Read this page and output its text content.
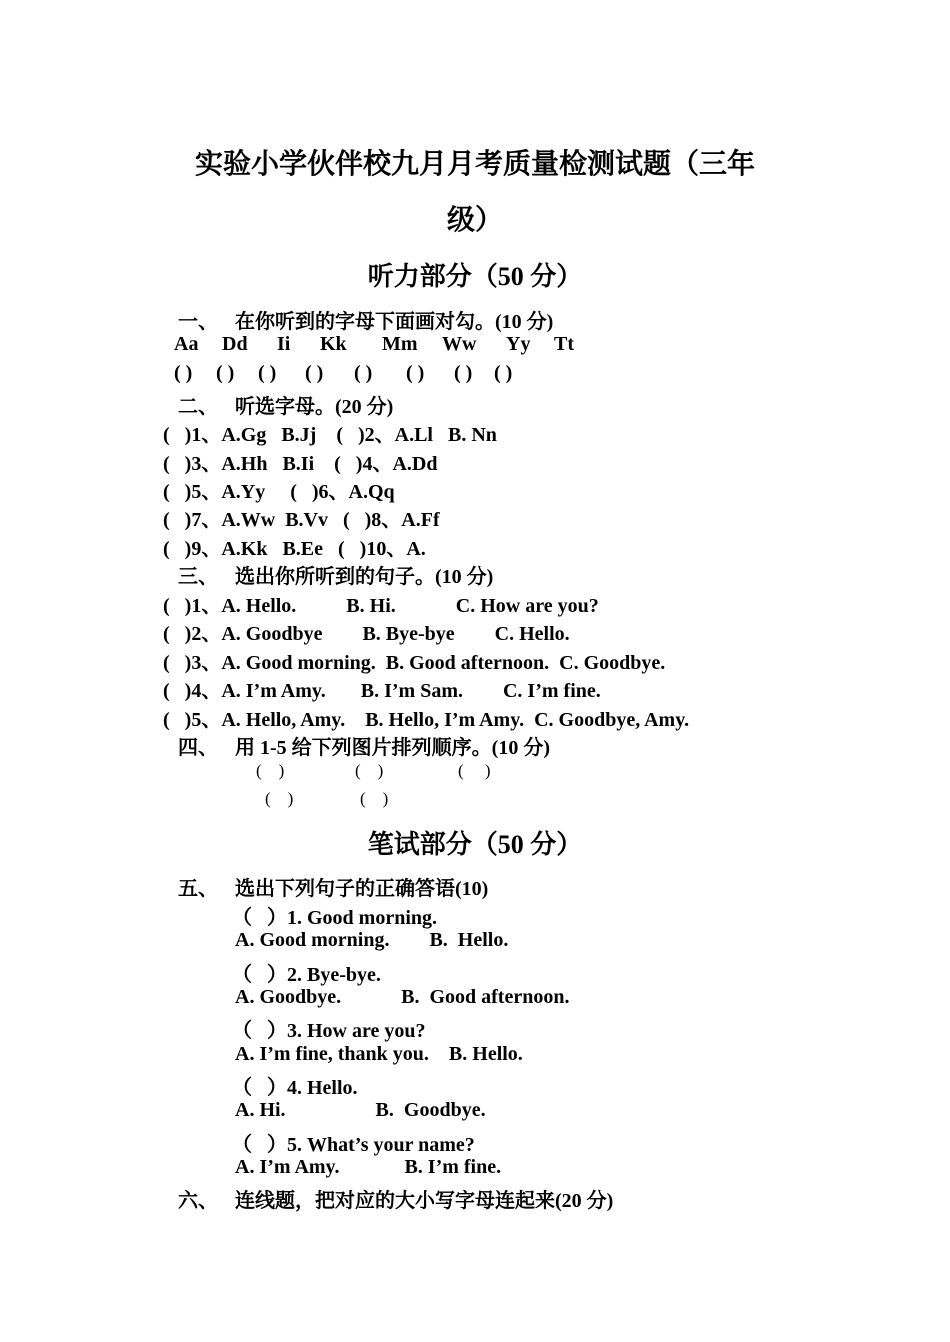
实验小学伙伴校九月月考质量检测试题（三年
级）
听力部分（50 分）
一、 在你听到的字母下面画对勾。(10 分)
Aa Dd Ii Kk Mm Ww Yy Tt
( ) ( ) ( ) ( ) ( ) ( ) ( ) ( )
二、 听选字母。(20 分)
(   )1、A.Gg   B.Jj    (   )2、A.Ll   B. Nn
(   )3、A.Hh   B.Ii    (   )4、A.Dd
(   )5、A.Yy     (   )6、A.Qq
(   )7、A.Ww  B.Vv   (   )8、A.Ff
(   )9、A.Kk   B.Ee   (   )10、A.
三、 选出你所听到的句子。(10 分)
(   )1、A. Hello.          B. Hi.            C. How are you?
(   )2、A. Goodbye        B. Bye-bye        C. Hello.
(   )3、A. Good morning.  B. Good afternoon.  C. Goodbye.
(   )4、A. I’m Amy.       B. I’m Sam.        C. I’m fine.
(   )5、A. Hello, Amy.    B. Hello, I’m Amy.  C. Goodbye, Amy.
四、 用 1-5 给下列图片排列顺序。(10 分)
(    )	(    )	(     )
(    )	(    )
笔试部分（50 分）
五、 选出下列句子的正确答语(10)
（   ）1. Good morning.
A. Good morning.        B.  Hello.
（   ）2. Bye-bye.
A. Goodbye.            B.  Good afternoon.
（   ）3. How are you?
A. I’m fine, thank you.    B. Hello.
（   ）4. Hello.
A. Hi.                  B.  Goodbye.
（   ）5. What’s your name?
A. I’m Amy.             B. I’m fine.
六、 连线题，把对应的大小写字母连起来(20 分)
